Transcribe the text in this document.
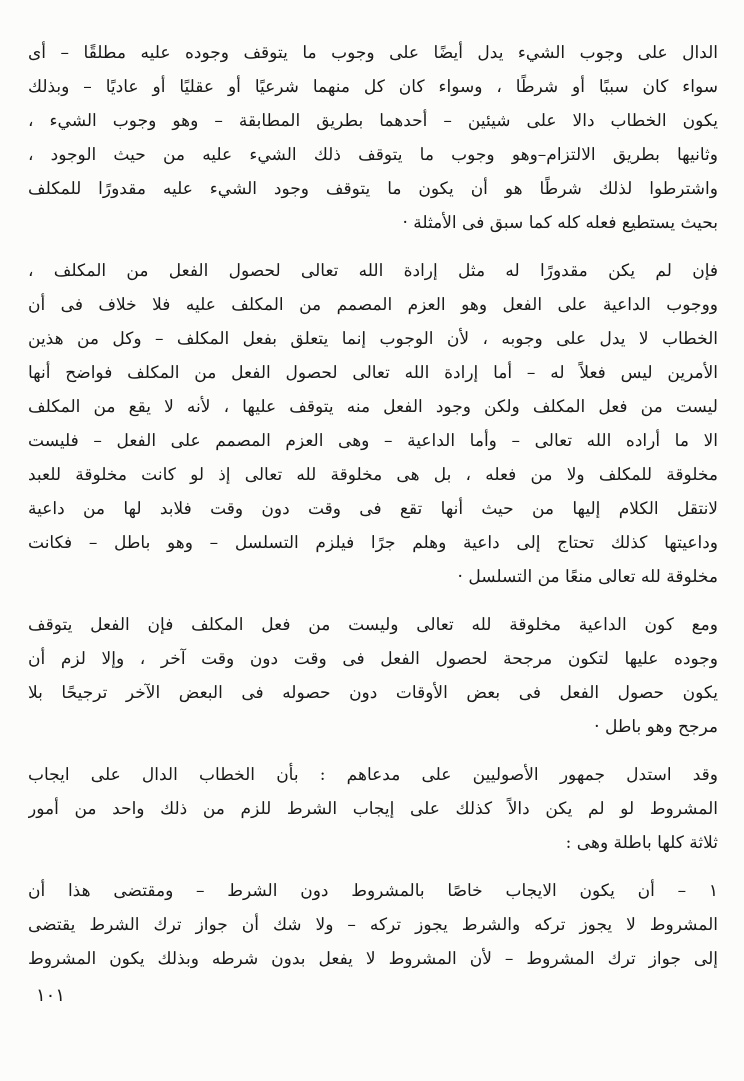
الدال على وجوب الشيء يدل أيضًا على وجوب ما يتوقف وجوده عليه مطلقًا – أى
سواء كان سببًا أو شرطًا ، وسواء كان كل منهما شرعيًا أو عقليًا أو عاديًا – وبذلك
يكون الخطاب دالا على شيئين – أحدهما بطريق المطابقة – وهو وجوب الشيء ،
وثانيها بطريق الالتزام–وهو وجوب ما يتوقف ذلك الشيء عليه من حيث الوجود ،
واشترطوا لذلك شرطًا هو أن يكون ما يتوقف وجود الشيء عليه مقدورًا للمكلف
بحيث يستطيع فعله كله كما سبق فى الأمثلة ·
فإن لم يكن مقدورًا له مثل إرادة الله تعالى لحصول الفعل من المكلف ،
ووجوب الداعية على الفعل وهو العزم المصمم من المكلف عليه فلا خلاف فى أن
الخطاب لا يدل على وجوبه ، لأن الوجوب إنما يتعلق بفعل المكلف – وكل من هذين
الأمرين ليس فعلاً له – أما إرادة الله تعالى لحصول الفعل من المكلف فواضح أنها
ليست من فعل المكلف ولكن وجود الفعل منه يتوقف عليها ، لأنه لا يقع من المكلف
الا ما أراده الله تعالى – وأما الداعية – وهى العزم المصمم على الفعل – فليست
مخلوقة للمكلف ولا من فعله ، بل هى مخلوقة لله تعالى إذ لو كانت مخلوقة للعبد
لانتقل الكلام إليها من حيث أنها تقع فى وقت دون وقت فلابد لها من داعية
وداعيتها كذلك تحتاج إلى داعية وهلم جرًا فيلزم التسلسل – وهو باطل – فكانت
مخلوقة لله تعالى منعًا من التسلسل ·
ومع كون الداعية مخلوقة لله تعالى وليست من فعل المكلف فإن الفعل يتوقف
وجوده عليها لتكون مرجحة لحصول الفعل فى وقت دون وقت آخر ، وإلا لزم أن
يكون حصول الفعل فى بعض الأوقات دون حصوله فى البعض الآخر ترجيحًا بلا
مرجح وهو باطل ·
وقد استدل جمهور الأصوليين على مدعاهم : بأن الخطاب الدال على ايجاب
المشروط لو لم يكن دالاً كذلك على إيجاب الشرط للزم من ذلك واحد من أمور
ثلاثة كلها باطلة وهى :
١ – أن يكون الايجاب خاصًا بالمشروط دون الشرط – ومقتضى هذا أن
المشروط لا يجوز تركه والشرط يجوز تركه – ولا شك أن جواز ترك الشرط يقتضى
إلى جواز ترك المشروط – لأن المشروط لا يفعل بدون شرطه وبذلك يكون المشروط
١٠١
